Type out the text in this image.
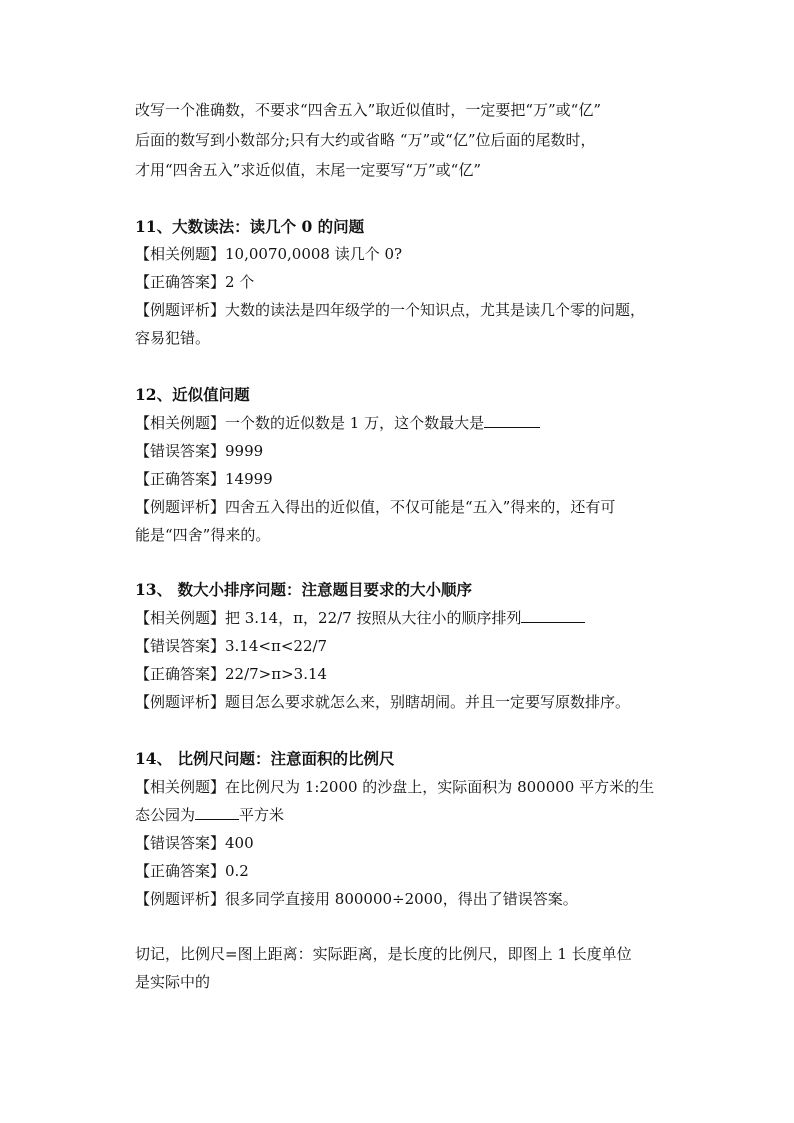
改写一个准确数，不要求“四舍五入”取近似值时，一定要把“万”或“亿”
后面的数写到小数部分;只有大约或省略 “万”或“亿”位后面的尾数时，
才用“四舍五入”求近似值，末尾一定要写“万”或“亿”
11、大数读法：读几个 0 的问题
【相关例题】10,0070,0008 读几个 0?
【正确答案】2 个
【例题评析】大数的读法是四年级学的一个知识点，尤其是读几个零的问题，
容易犯错。
12、近似值问题
【相关例题】一个数的近似数是 1 万，这个数最大是
【错误答案】9999
【正确答案】14999
【例题评析】四舍五入得出的近似值，不仅可能是“五入”得来的，还有可
能是“四舍”得来的。
13、 数大小排序问题：注意题目要求的大小顺序
【相关例题】把 3.14，π，22/7 按照从大往小的顺序排列
【错误答案】3.14<π<22/7
【正确答案】22/7>π>3.14
【例题评析】题目怎么要求就怎么来，别瞎胡闹。并且一定要写原数排序。
14、 比例尺问题：注意面积的比例尺
【相关例题】在比例尺为 1:2000 的沙盘上，实际面积为 800000 平方米的生
态公园为	平方米
【错误答案】400
【正确答案】0.2
【例题评析】很多同学直接用 800000÷2000，得出了错误答案。
切记，比例尺=图上距离：实际距离，是长度的比例尺，即图上 1 长度单位
是实际中的
